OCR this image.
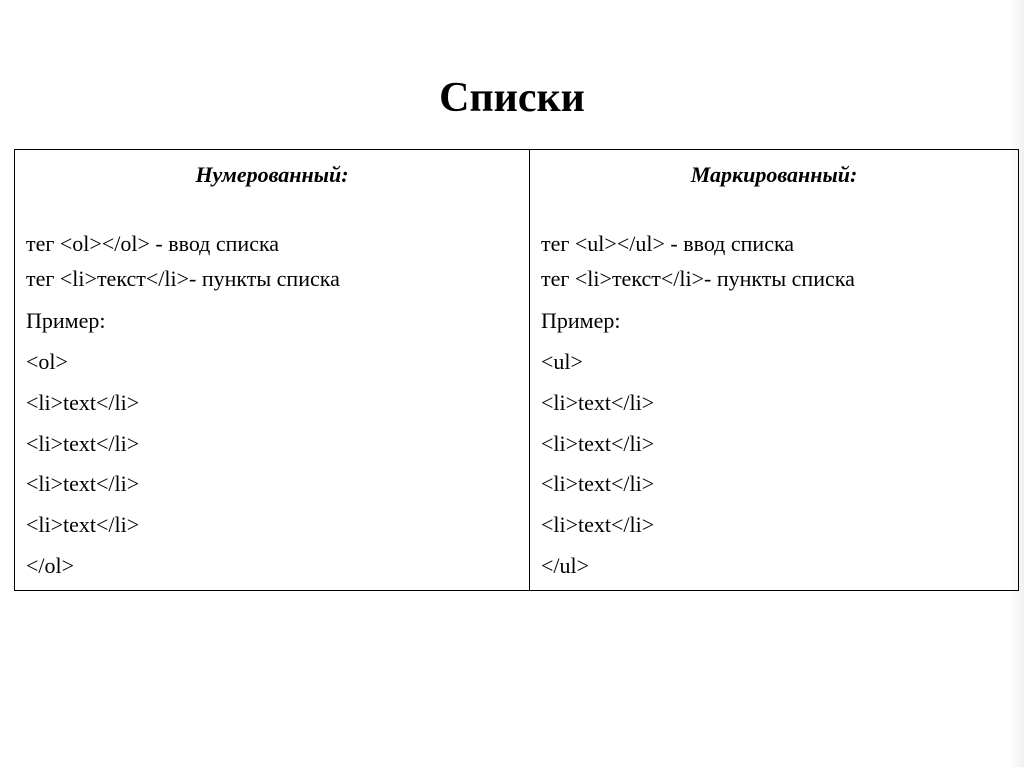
Списки
Нумерованный:
тег <ol></ol> - ввод списка
тег <li>текст</li>- пункты списка
Пример:
<ol>
<li>text</li>
<li>text</li>
<li>text</li>
<li>text</li>
</ol>

Маркированный:
тег <ul></ul> - ввод списка
тег <li>текст</li>- пункты списка
Пример:
<ul>
<li>text</li>
<li>text</li>
<li>text</li>
<li>text</li>
</ul>
